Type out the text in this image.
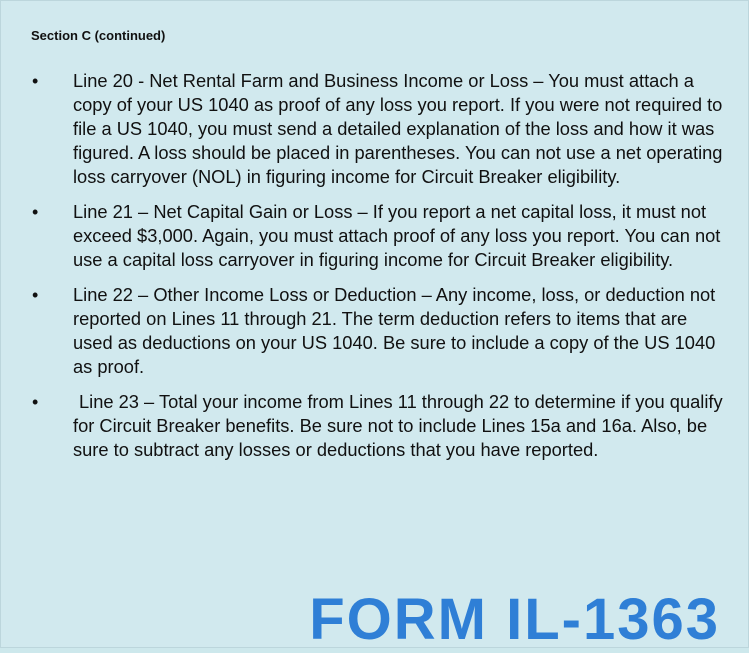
Section C (continued)
• Line 20 - Net Rental Farm and Business Income or Loss – You must attach a copy of your US 1040 as proof of any loss you report. If you were not required to file a US 1040, you must send a detailed explanation of the loss and how it was figured. A loss should be placed in parentheses. You can not use a net operating loss carryover (NOL) in figuring income for Circuit Breaker eligibility.
• Line 21 – Net Capital Gain or Loss – If you report a net capital loss, it must not exceed $3,000. Again, you must attach proof of any loss you report. You can not use a capital loss carryover in figuring income for Circuit Breaker eligibility.
• Line 22 – Other Income Loss or Deduction – Any income, loss, or deduction not reported on Lines 11 through 21. The term deduction refers to items that are used as deductions on your US 1040. Be sure to include a copy of the US 1040 as proof.
• Line 23 – Total your income from Lines 11 through 22 to determine if you qualify for Circuit Breaker benefits. Be sure not to include Lines 15a and 16a. Also, be sure to subtract any losses or deductions that you have reported.
FORM IL-1363
